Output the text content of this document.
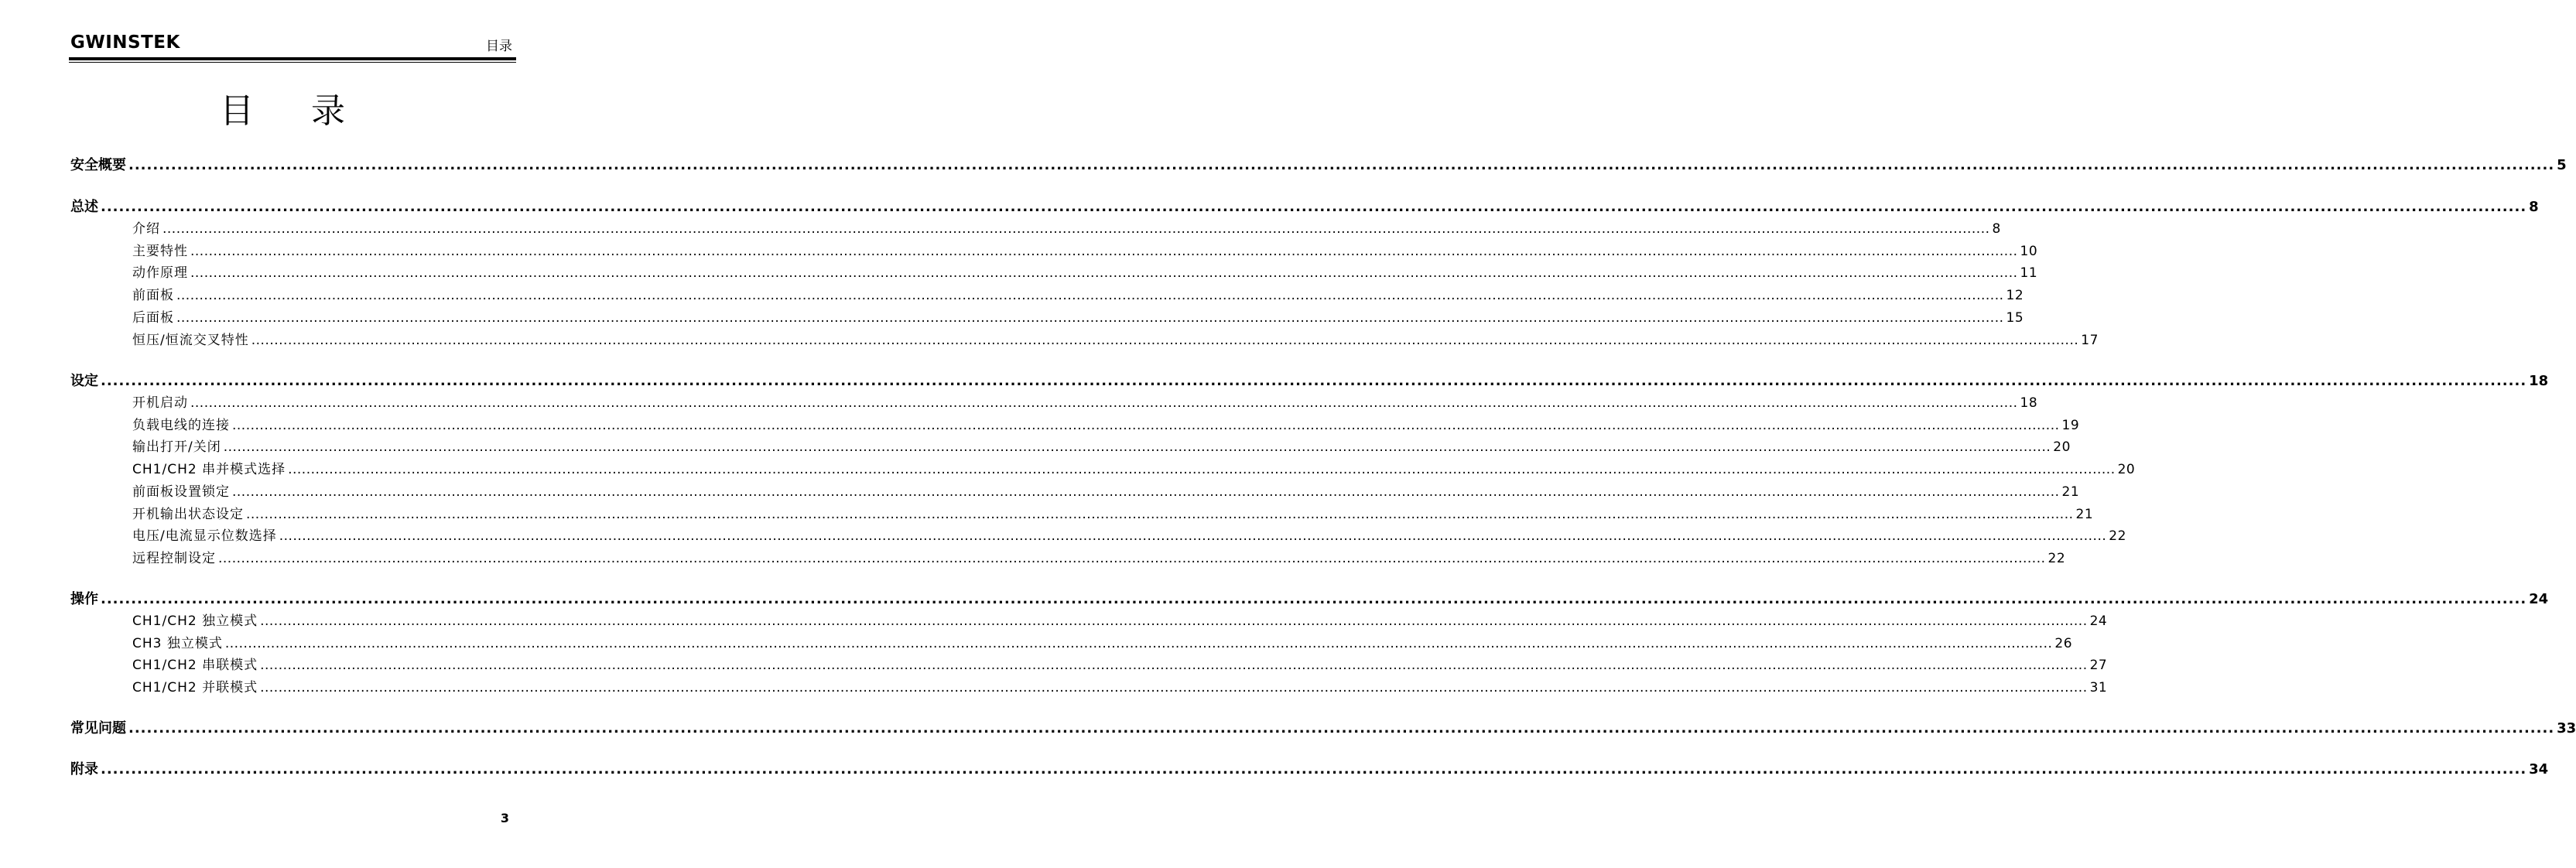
GWINSTEK	目录
目 录
安全概要 ................................................................................................................................................................................................................................................................................................................................................................................................................ 5
总述 ................................................................................................................................................................................................................................................................................................................................................................................................................ 8
介绍 ................................................................................................................................................................................................................................................................................................................................................................................................................ 8
主要特性 ................................................................................................................................................................................................................................................................................................................................................................................................................ 10
动作原理 ................................................................................................................................................................................................................................................................................................................................................................................................................ 11
前面板 ................................................................................................................................................................................................................................................................................................................................................................................................................ 12
后面板 ................................................................................................................................................................................................................................................................................................................................................................................................................ 15
恒压/恒流交叉特性 ................................................................................................................................................................................................................................................................................................................................................................................................................ 17
设定 ................................................................................................................................................................................................................................................................................................................................................................................................................ 18
开机启动 ................................................................................................................................................................................................................................................................................................................................................................................................................ 18
负载电线的连接 ................................................................................................................................................................................................................................................................................................................................................................................................................ 19
输出打开/关闭 ................................................................................................................................................................................................................................................................................................................................................................................................................ 20
CH1/CH2 串并模式选择 ................................................................................................................................................................................................................................................................................................................................................................................................................ 20
前面板设置锁定 ................................................................................................................................................................................................................................................................................................................................................................................................................ 21
开机输出状态设定 ................................................................................................................................................................................................................................................................................................................................................................................................................ 21
电压/电流显示位数选择 ................................................................................................................................................................................................................................................................................................................................................................................................................ 22
远程控制设定 ................................................................................................................................................................................................................................................................................................................................................................................................................ 22
操作 ................................................................................................................................................................................................................................................................................................................................................................................................................ 24
CH1/CH2 独立模式 ................................................................................................................................................................................................................................................................................................................................................................................................................ 24
CH3 独立模式 ................................................................................................................................................................................................................................................................................................................................................................................................................ 26
CH1/CH2 串联模式 ................................................................................................................................................................................................................................................................................................................................................................................................................ 27
CH1/CH2 并联模式 ................................................................................................................................................................................................................................................................................................................................................................................................................ 31
常见问题 ................................................................................................................................................................................................................................................................................................................................................................................................................ 33
附录 ................................................................................................................................................................................................................................................................................................................................................................................................................ 34
3
